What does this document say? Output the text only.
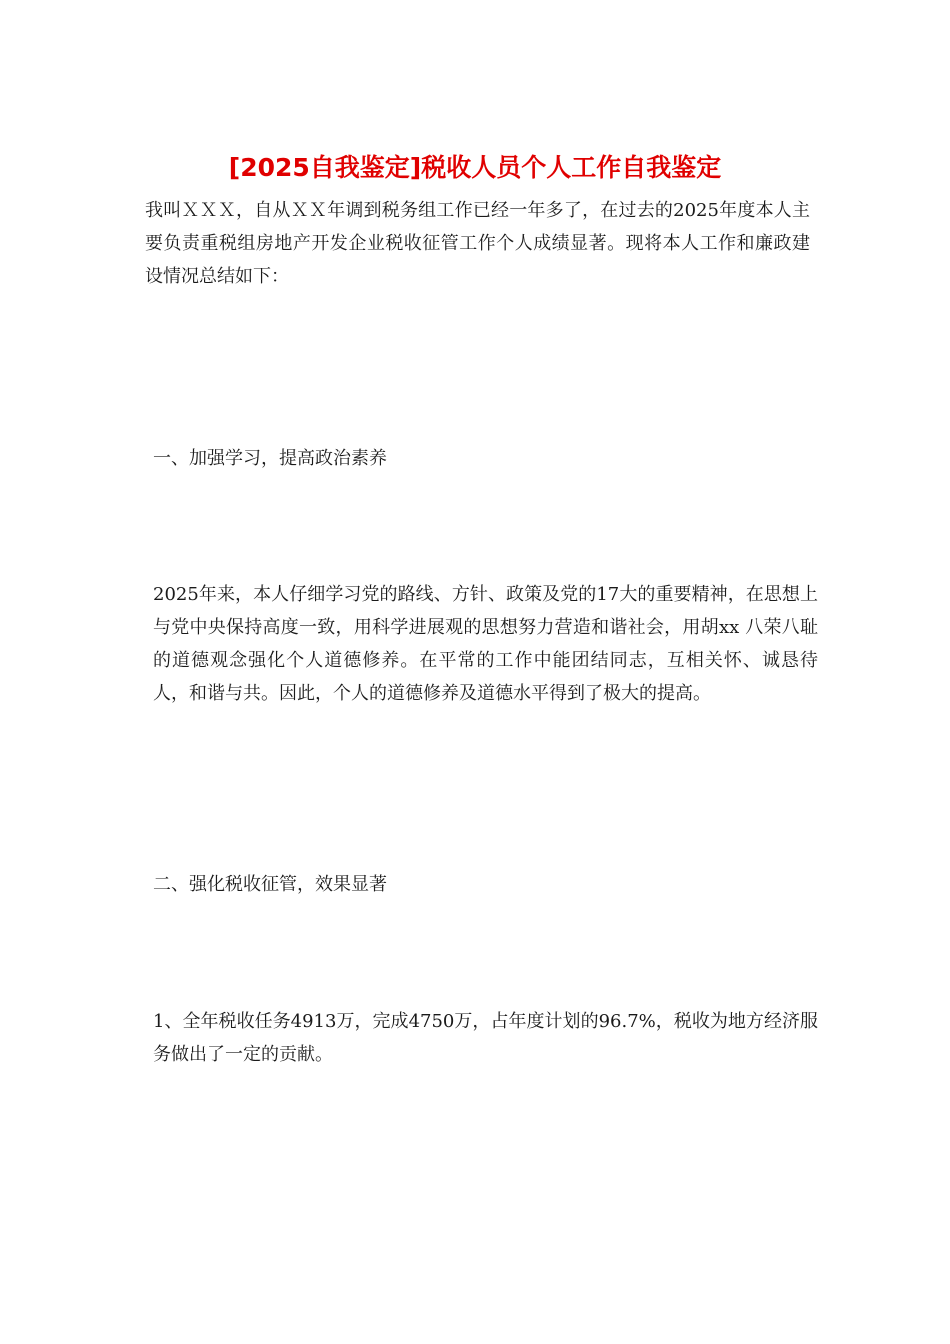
[2025自我鉴定]税收人员个人工作自我鉴定

我叫ＸＸＸ，自从ＸＸ年调到税务组工作已经一年多了，在过去的2025年度本人主要负责重税组房地产开发企业税收征管工作个人成绩显著。现将本人工作和廉政建设情况总结如下：

一、加强学习，提高政治素养

2025年来，本人仔细学习党的路线、方针、政策及党的17大的重要精神，在思想上与党中央保持高度一致，用科学进展观的思想努力营造和谐社会，用胡xx 八荣八耻 的道德观念强化个人道德修养。在平常的工作中能团结同志，互相关怀、诚恳待人，和谐与共。因此，个人的道德修养及道德水平得到了极大的提高。

二、强化税收征管，效果显著

1、全年税收任务4913万，完成4750万，占年度计划的96.7%，税收为地方经济服务做出了一定的贡献。
